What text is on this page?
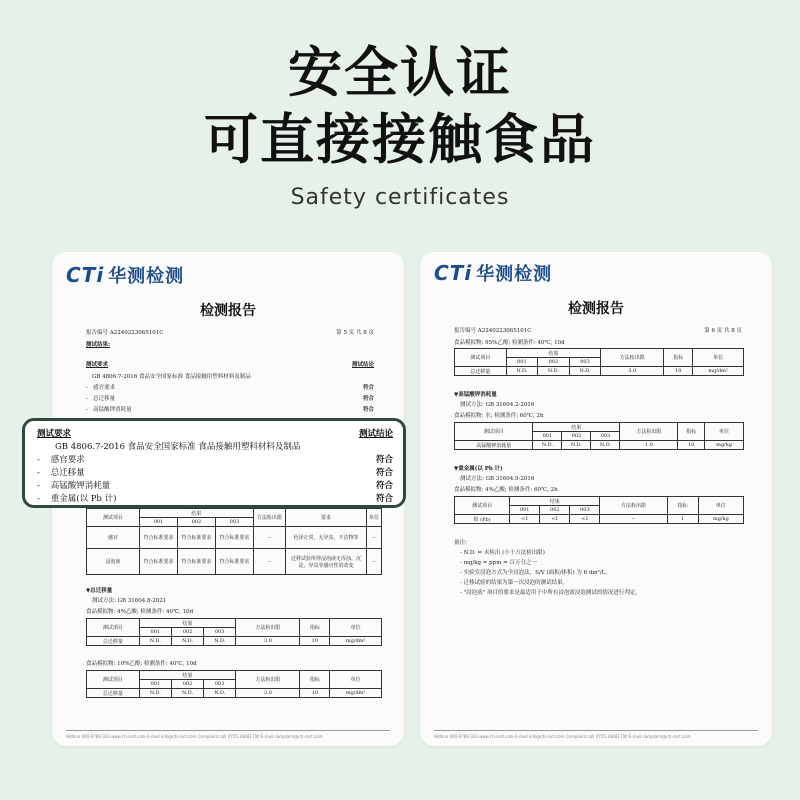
安全认证
可直接接触食品
Safety certificates
CTi 华测检测
检测报告
报告编号 A2240223065101C	第 5 页 共 8 页
测试结果:
测试要求	测试结论
GB 4806.7-2016 食品安全国家标准 食品接触用塑料材料及制品
-   感官要求	符合
-   总迁移量	符合
-   高锰酸钾消耗量	符合
测试项目	结果			方法检出限	要求	单位
	001	002	003			
感官	符合标准要求	符合标准要求	符合标准要求	--	色泽正常，无异臭、不洁物等	--
浸泡液	符合标准要求	符合标准要求	符合标准要求	--	迁移试验所得浸泡液无浑浊、沉淀、异臭等感官性的改变	--
▼总迁移量
测试方法: GB 31604.8-2021
食品模拟物: 4%乙酸; 检测条件: 40℃, 10d
测试项目	结果			方法检出限	指标	单位
	001	002	003			
总迁移量	N.D.	N.D.	N.D.	3.0	10	mg/dm²
食品模拟物: 10%乙醇; 检测条件: 40℃, 10d
测试项目	结果			方法检出限	指标	单位
	001	002	003			
总迁移量	N.D.	N.D.	N.D.	3.0	10	mg/dm²
Hotline 400-6788-333 www.cti-cert.com E-mail info@cti-cert.com Complaint call 0755-33681700 E-mail complaint@cti-cert.com
CTi 华测检测
检测报告
报告编号 A2240223065101C	第 6 页 共 8 页
食品模拟物: 95%乙醇; 检测条件: 40℃, 10d
测试项目	结果			方法检出限	指标	单位
	001	002	003			
总迁移量	N.D.	N.D.	N.D.	3.0	10	mg/dm²
▼高锰酸钾消耗量
测试方法: GB 31604.2-2016
食品模拟物: 水; 检测条件: 60℃, 2h
测试项目	结果			方法检出限	指标	单位
	001	002	003			
高锰酸钾消耗量	N.D.	N.D.	N.D.	1.0	10	mg/kg
▼重金属(以 Pb 计)
测试方法: GB 31604.9-2016
食品模拟物: 4%乙酸; 检测条件: 60℃, 2h
测试项目	结果			方法检出限	指标	单位
	001	002	003			
铅 (Pb)	<1	<1	<1	--	1	mg/kg
备注:
- N.D. = 未检出 (小于方法检出限)
- mg/kg = ppm = 百万分之一
- 实验室浸泡方式为全浸泡法，S/V (面积/体积) 为 6 dm²/L。
- 迁移试验的结果为第一次浸泡的测试结果。
- "浸泡液" 项目的要求是最适用于中所有浸泡液浸泡测试的情况进行判定。
Hotline 400-6788-333 www.cti-cert.com E-mail info@cti-cert.com Complaint call 0755-33681700 E-mail complaint@cti-cert.com
测试要求	测试结论
GB 4806.7-2016 食品安全国家标准 食品接触用塑料材料及制品
-    感官要求	符合
-    总迁移量	符合
-    高锰酸钾消耗量	符合
-    重金属(以 Pb 计)	符合
